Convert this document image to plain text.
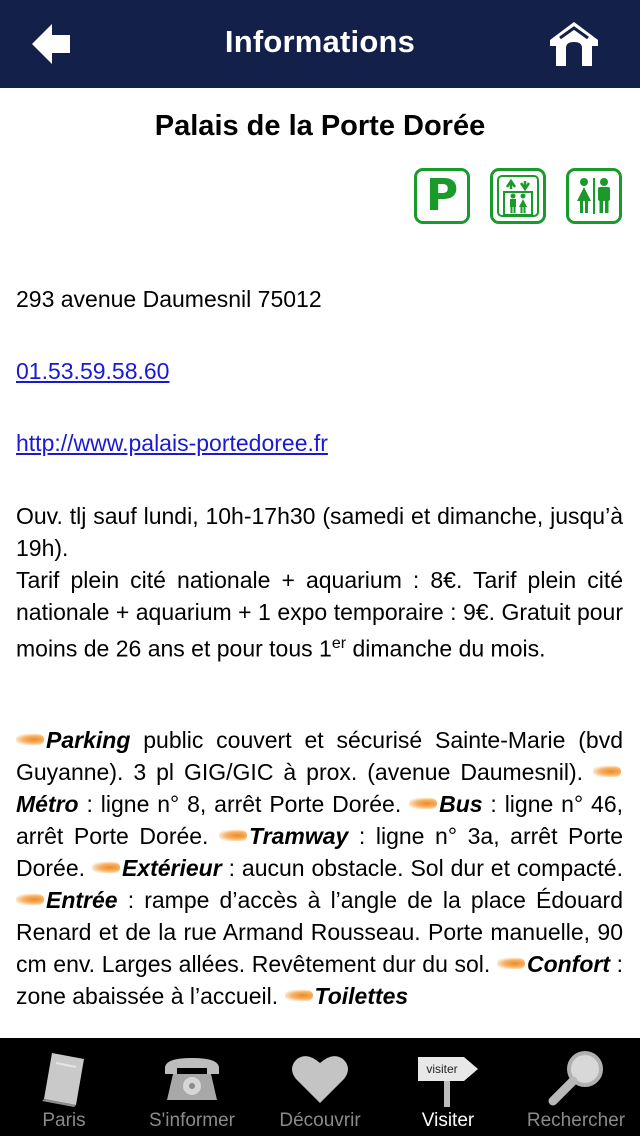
Informations
Palais de la Porte Dorée
P
293 avenue Daumesnil 75012
01.53.59.58.60
http://www.palais-portedoree.fr
Ouv. tlj sauf lundi, 10h-17h30 (samedi et dimanche, jusqu’à 19h).
Tarif plein cité nationale + aquarium : 8€. Tarif plein cité nationale + aquarium + 1 expo temporaire : 9€. Gratuit pour moins de 26 ans et pour tous 1er dimanche du mois.
Parking public couvert et sécurisé Sainte-Marie (bvd Guyanne). 3 pl GIG/GIC à prox. (avenue Daumesnil). Métro : ligne n° 8, arrêt Porte Dorée. Bus : ligne n° 46, arrêt Porte Dorée. Tramway : ligne n° 3a, arrêt Porte Dorée. Extérieur : aucun obstacle. Sol dur et compacté. Entrée : rampe d’accès à l’angle de la place Édouard Renard et de la rue Armand Rousseau. Porte manuelle, 90 cm env. Larges allées. Revêtement dur du sol. Confort : zone abaissée à l’accueil. Toilettes
Paris	S'informer	Découvrir
visiter
Visiter	Rechercher
